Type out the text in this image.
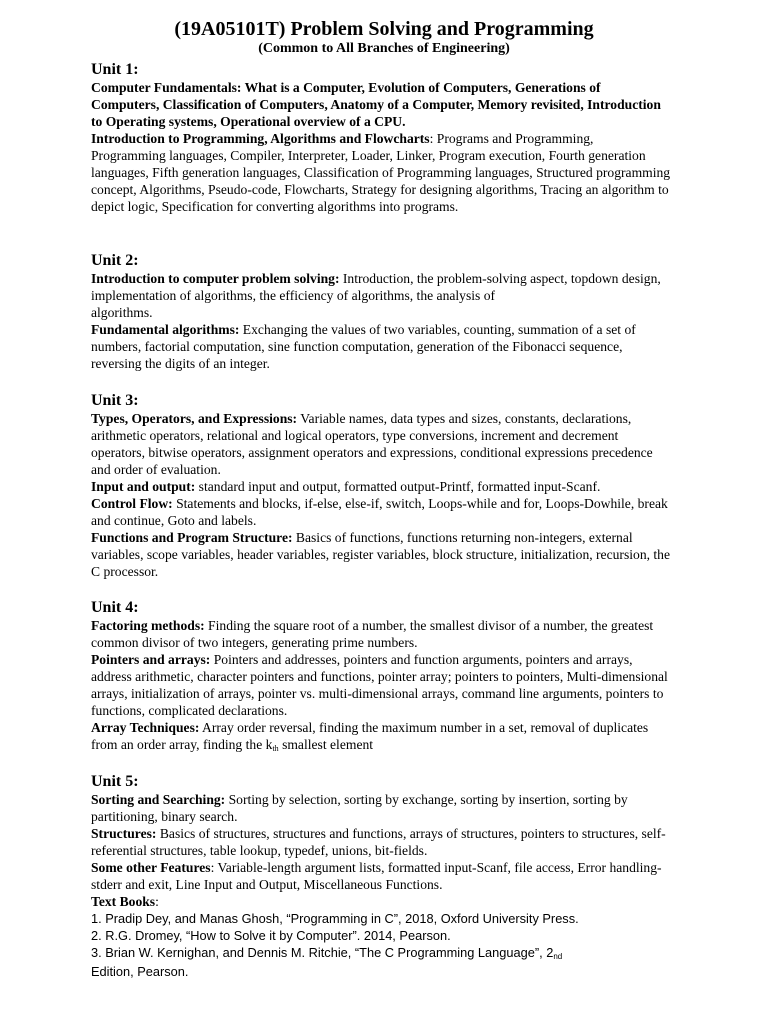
(19A05101T) Problem Solving and Programming
(Common to All Branches of Engineering)
Unit 1:

Computer Fundamentals: What is a Computer, Evolution of Computers, Generations of Computers, Classification of Computers, Anatomy of a Computer, Memory revisited, Introduction to Operating systems, Operational overview of a CPU.

Introduction to Programming, Algorithms and Flowcharts: Programs and Programming, Programming languages, Compiler, Interpreter, Loader, Linker, Program execution, Fourth generation languages, Fifth generation languages, Classification of Programming languages, Structured programming concept, Algorithms, Pseudo-code, Flowcharts, Strategy for designing algorithms, Tracing an algorithm to depict logic, Specification for converting algorithms into programs.

Unit 2:

Introduction to computer problem solving: Introduction, the problem-solving aspect, topdown design, implementation of algorithms, the efficiency of algorithms, the analysis of
algorithms.

Fundamental algorithms: Exchanging the values of two variables, counting, summation of a set of numbers, factorial computation, sine function computation, generation of the Fibonacci sequence, reversing the digits of an integer.

Unit 3:

Types, Operators, and Expressions: Variable names, data types and sizes, constants, declarations, arithmetic operators, relational and logical operators, type conversions, increment and decrement operators, bitwise operators, assignment operators and expressions, conditional expressions precedence and order of evaluation.

Input and output: standard input and output, formatted output-Printf, formatted input-Scanf.

Control Flow: Statements and blocks, if-else, else-if, switch, Loops-while and for, Loops-Dowhile, break and continue, Goto and labels.

Functions and Program Structure: Basics of functions, functions returning non-integers, external variables, scope variables, header variables, register variables, block structure, initialization, recursion, the C processor.

Unit 4:

Factoring methods: Finding the square root of a number, the smallest divisor of a number, the greatest common divisor of two integers, generating prime numbers.

Pointers and arrays: Pointers and addresses, pointers and function arguments, pointers and arrays, address arithmetic, character pointers and functions, pointer array; pointers to pointers, Multi-dimensional arrays, initialization of arrays, pointer vs. multi-dimensional arrays, command line arguments, pointers to functions, complicated declarations.

Array Techniques: Array order reversal, finding the maximum number in a set, removal of duplicates from an order array, finding the $k_{th}$ smallest element

Unit 5:

Sorting and Searching: Sorting by selection, sorting by exchange, sorting by insertion, sorting by partitioning, binary search.

Structures: Basics of structures, structures and functions, arrays of structures, pointers to structures, self-referential structures, table lookup, typedef, unions, bit-fields.

Some other Features: Variable-length argument lists, formatted input-Scanf, file access, Error handling-stderr and exit, Line Input and Output, Miscellaneous Functions.

Text Books:

1. Pradip Dey, and Manas Ghosh, “Programming in C”, 2018, Oxford University Press.

2. R.G. Dromey, “How to Solve it by Computer”. 2014, Pearson.

3. Brian W. Kernighan, and Dennis M. Ritchie, “The C Programming Language”, $2_{nd}$
Edition, Pearson.
